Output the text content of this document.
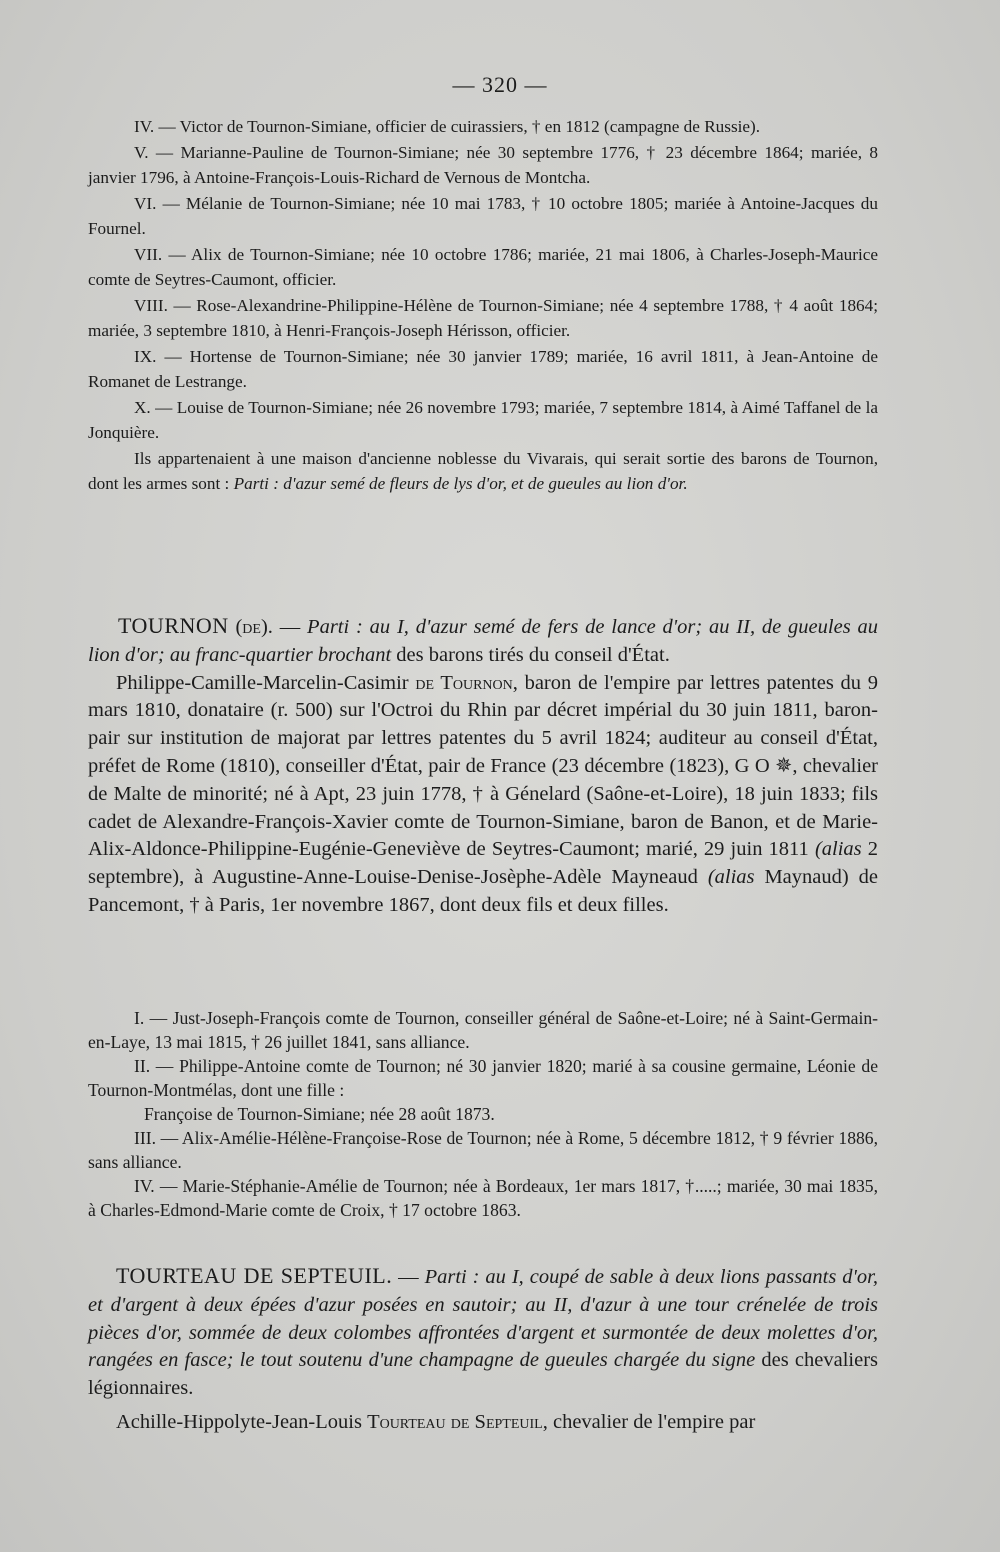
— 320 —

IV. — Victor de Tournon-Simiane, officier de cuirassiers, † en 1812 (campagne de Russie).

V. — Marianne-Pauline de Tournon-Simiane; née 30 septembre 1776, † 23 décembre 1864; mariée, 8 janvier 1796, à Antoine-François-Louis-Richard de Vernous de Montcha.

VI. — Mélanie de Tournon-Simiane; née 10 mai 1783, † 10 octobre 1805; mariée à Antoine-Jacques du Fournel.

VII. — Alix de Tournon-Simiane; née 10 octobre 1786; mariée, 21 mai 1806, à Charles-Joseph-Maurice comte de Seytres-Caumont, officier.

VIII. — Rose-Alexandrine-Philippine-Hélène de Tournon-Simiane; née 4 septembre 1788, † 4 août 1864; mariée, 3 septembre 1810, à Henri-François-Joseph Hérisson, officier.

IX. — Hortense de Tournon-Simiane; née 30 janvier 1789; mariée, 16 avril 1811, à Jean-Antoine de Romanet de Lestrange.

X. — Louise de Tournon-Simiane; née 26 novembre 1793; mariée, 7 septembre 1814, à Aimé Taffanel de la Jonquière.

Ils appartenaient à une maison d'ancienne noblesse du Vivarais, qui serait sortie des barons de Tournon, dont les armes sont : Parti : d'azur semé de fleurs de lys d'or, et de gueules au lion d'or.

TOURNON (de). — Parti : au I, d'azur semé de fers de lance d'or; au II, de gueules au lion d'or; au franc-quartier brochant des barons tirés du conseil d'État.

Philippe-Camille-Marcelin-Casimir de Tournon, baron de l'empire par lettres patentes du 9 mars 1810, donataire (r. 500) sur l'Octroi du Rhin par décret impérial du 30 juin 1811, baron-pair sur institution de majorat par lettres patentes du 5 avril 1824; auditeur au conseil d'État, préfet de Rome (1810), conseiller d'État, pair de France (23 décembre (1823), G O ✵, chevalier de Malte de minorité; né à Apt, 23 juin 1778, † à Génelard (Saône-et-Loire), 18 juin 1833; fils cadet de Alexandre-François-Xavier comte de Tournon-Simiane, baron de Banon, et de Marie-Alix-Aldonce-Philippine-Eugénie-Geneviève de Seytres-Caumont; marié, 29 juin 1811 (alias 2 septembre), à Augustine-Anne-Louise-Denise-Josèphe-Adèle Mayneaud (alias Maynaud) de Pancemont, † à Paris, 1er novembre 1867, dont deux fils et deux filles.

I. — Just-Joseph-François comte de Tournon, conseiller général de Saône-et-Loire; né à Saint-Germain-en-Laye, 13 mai 1815, † 26 juillet 1841, sans alliance.

II. — Philippe-Antoine comte de Tournon; né 30 janvier 1820; marié à sa cousine germaine, Léonie de Tournon-Montmélas, dont une fille :

Françoise de Tournon-Simiane; née 28 août 1873.

III. — Alix-Amélie-Hélène-Françoise-Rose de Tournon; née à Rome, 5 décembre 1812, † 9 février 1886, sans alliance.

IV. — Marie-Stéphanie-Amélie de Tournon; née à Bordeaux, 1er mars 1817, †.....; mariée, 30 mai 1835, à Charles-Edmond-Marie comte de Croix, † 17 octobre 1863.

TOURTEAU DE SEPTEUIL. — Parti : au I, coupé de sable à deux lions passants d'or, et d'argent à deux épées d'azur posées en sautoir; au II, d'azur à une tour crénelée de trois pièces d'or, sommée de deux colombes affrontées d'argent et surmontée de deux molettes d'or, rangées en fasce; le tout soutenu d'une champagne de gueules chargée du signe des chevaliers légionnaires.

Achille-Hippolyte-Jean-Louis Tourteau de Septeuil, chevalier de l'empire par
